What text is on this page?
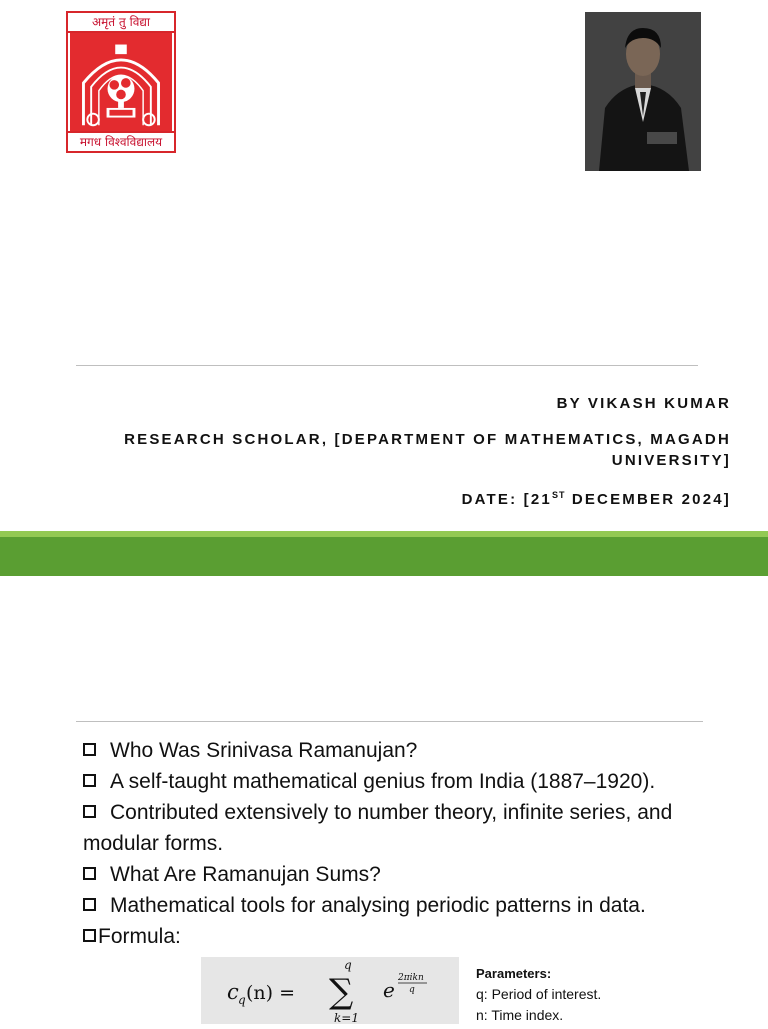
अमृतं तु विद्या
मगध विश्वविद्यालय
BY VIKASH KUMAR
RESEARCH SCHOLAR, [DEPARTMENT OF MATHEMATICS, MAGADH UNIVERSITY]
DATE: [21ST DECEMBER 2024]
Who Was Srinivasa Ramanujan?
A self-taught mathematical genius from India (1887–1920).
Contributed extensively to number theory, infinite series, and       modular forms.
What Are Ramanujan Sums?
Mathematical tools for analysing periodic patterns in data.
Formula:
c q (n) =
q
∑
k=1
e 2πikn
q
Parameters:
q: Period of interest.
n: Time index.
